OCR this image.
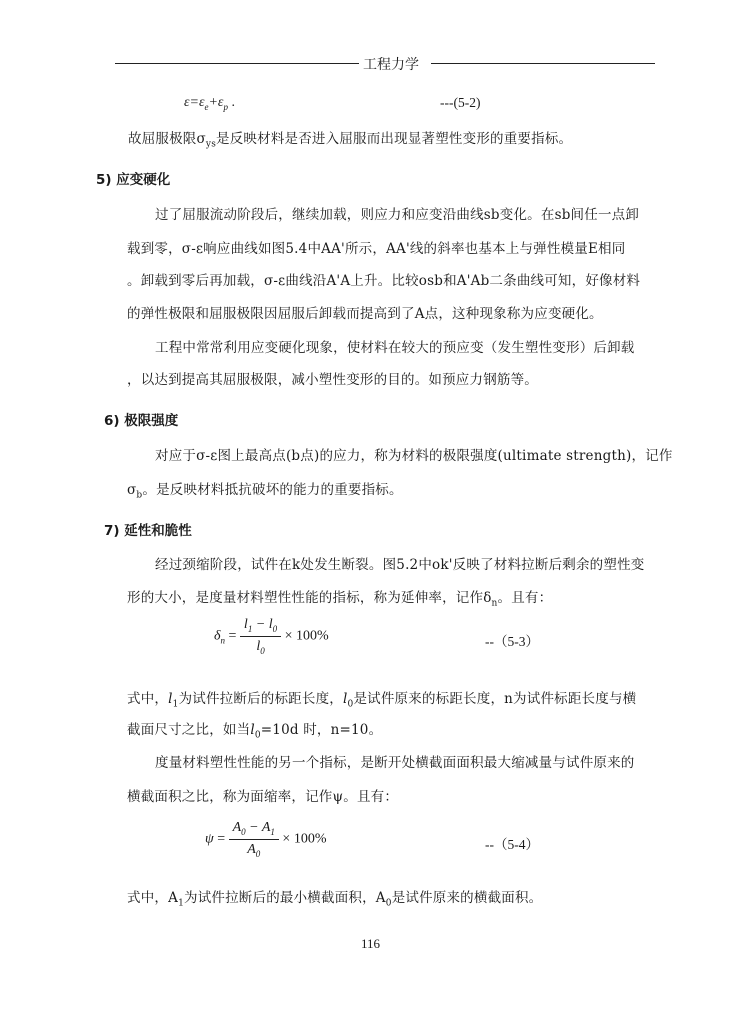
工程力学
$\varepsilon=\varepsilon_e+\varepsilon_p$ .	---(5-2)
故屈服极限$\sigma_{ys}$是反映材料是否进入屈服而出现显著塑性变形的重要指标。
5) 应变硬化
过了屈服流动阶段后，继续加载，则应力和应变沿曲线sb变化。在sb间任一点卸
载到零，σ-ε响应曲线如图5.4中AA'所示，AA'线的斜率也基本上与弹性模量E相同
。卸载到零后再加载，σ-ε曲线沿A'A上升。比较osb和A'Ab二条曲线可知，好像材料
的弹性极限和屈服极限因屈服后卸载而提高到了A点，这种现象称为应变硬化。
工程中常常利用应变硬化现象，使材料在较大的预应变（发生塑性变形）后卸载
，以达到提高其屈服极限，减小塑性变形的目的。如预应力钢筋等。
6) 极限强度
对应于σ-ε图上最高点(b点)的应力，称为材料的极限强度(ultimate strength)，记作
$\sigma_b$。是反映材料抵抗破坏的能力的重要指标。
7) 延性和脆性
经过颈缩阶段，试件在k处发生断裂。图5.2中ok'反映了材料拉断后剩余的塑性变
形的大小，是度量材料塑性性能的指标，称为延伸率，记作$\delta_n$。且有：
$\delta_n = \frac{l_1 - l_0}{l_0} \times 100\%$	--（5-3）
式中，$l_1$为试件拉断后的标距长度，$l_0$是试件原来的标距长度，n为试件标距长度与横
截面尺寸之比，如当$l_0=10d$ 时，n=10。
度量材料塑性性能的另一个指标，是断开处横截面面积最大缩减量与试件原来的
横截面积之比，称为面缩率，记作ψ。且有：
$\psi = \frac{A_0 - A_1}{A_0} \times 100\%$	--（5-4）
式中，$A_1$为试件拉断后的最小横截面积，$A_0$是试件原来的横截面积。
116
